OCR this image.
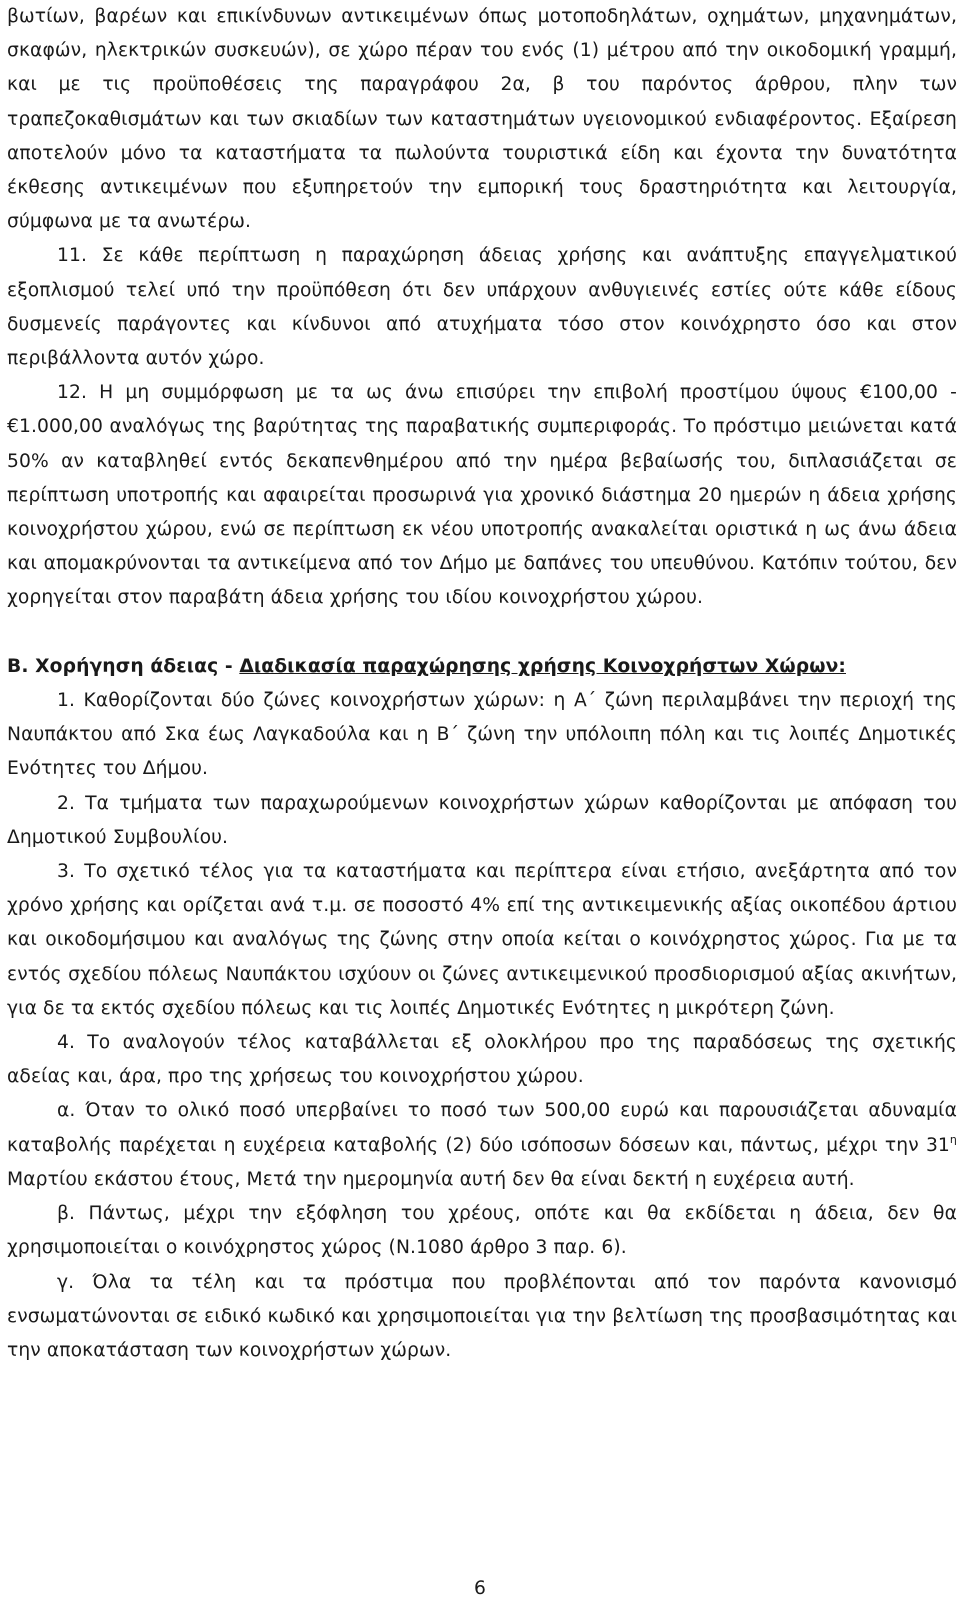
βωτίων, βαρέων και επικίνδυνων αντικειμένων όπως μοτοποδηλάτων, οχημάτων, μηχανημάτων, σκαφών, ηλεκτρικών συσκευών), σε χώρο πέραν του ενός (1) μέτρου από την οικοδομική γραμμή, και με τις προϋποθέσεις της παραγράφου 2α, β του παρόντος άρθρου, πλην των τραπεζοκαθισμάτων και των σκιαδίων των καταστημάτων υγειονομικού ενδιαφέροντος. Εξαίρεση αποτελούν μόνο τα καταστήματα τα πωλούντα τουριστικά είδη και έχοντα την δυνατότητα έκθεσης αντικειμένων που εξυπηρετούν την εμπορική τους δραστηριότητα και λειτουργία, σύμφωνα με τα ανωτέρω.

11. Σε κάθε περίπτωση η παραχώρηση άδειας χρήσης και ανάπτυξης επαγγελματικού εξοπλισμού τελεί υπό την προϋπόθεση ότι δεν υπάρχουν ανθυγιεινές εστίες ούτε κάθε είδους δυσμενείς παράγοντες και κίνδυνοι από ατυχήματα τόσο στον κοινόχρηστο όσο και στον περιβάλλοντα αυτόν χώρο.

12. Η μη συμμόρφωση με τα ως άνω επισύρει την επιβολή προστίμου ύψους €100,00 - €1.000,00 αναλόγως της βαρύτητας της παραβατικής συμπεριφοράς. Το πρόστιμο μειώνεται κατά 50% αν καταβληθεί εντός δεκαπενθημέρου από την ημέρα βεβαίωσής του, διπλασιάζεται σε περίπτωση υποτροπής και αφαιρείται προσωρινά για χρονικό διάστημα 20 ημερών η άδεια χρήσης κοινοχρήστου χώρου, ενώ σε περίπτωση εκ νέου υποτροπής ανακαλείται οριστικά η ως άνω άδεια και απομακρύνονται τα αντικείμενα από τον Δήμο με δαπάνες του υπευθύνου. Κατόπιν τούτου, δεν χορηγείται στον παραβάτη άδεια χρήσης του ιδίου κοινοχρήστου χώρου.

Β. Χορήγηση άδειας - Διαδικασία παραχώρησης χρήσης Κοινοχρήστων Χώρων:

1. Καθορίζονται δύο ζώνες κοινοχρήστων χώρων: η Α΄ ζώνη περιλαμβάνει την περιοχή της Ναυπάκτου από Σκα έως Λαγκαδούλα και η Β΄ ζώνη την υπόλοιπη πόλη και τις λοιπές Δημοτικές Ενότητες του Δήμου.

2. Τα τμήματα των παραχωρούμενων κοινοχρήστων χώρων καθορίζονται με απόφαση του Δημοτικού Συμβουλίου.

3. Το σχετικό τέλος για τα καταστήματα και περίπτερα είναι ετήσιο, ανεξάρτητα από τον χρόνο χρήσης και ορίζεται ανά τ.μ. σε ποσοστό 4% επί της αντικειμενικής αξίας οικοπέδου άρτιου και οικοδομήσιμου και αναλόγως της ζώνης στην οποία κείται ο κοινόχρηστος χώρος. Για με τα εντός σχεδίου πόλεως Ναυπάκτου ισχύουν οι ζώνες αντικειμενικού προσδιορισμού αξίας ακινήτων, για δε τα εκτός σχεδίου πόλεως και τις λοιπές Δημοτικές Ενότητες η μικρότερη ζώνη.

4. Το αναλογούν τέλος καταβάλλεται εξ ολοκλήρου προ της παραδόσεως της σχετικής αδείας και, άρα, προ της χρήσεως του κοινοχρήστου χώρου.

α. Όταν το ολικό ποσό υπερβαίνει το ποσό των 500,00 ευρώ και παρουσιάζεται αδυναμία καταβολής παρέχεται η ευχέρεια καταβολής (2) δύο ισόποσων δόσεων και, πάντως, μέχρι την $31^\eta$ Μαρτίου εκάστου έτους, Μετά την ημερομηνία αυτή δεν θα είναι δεκτή η ευχέρεια αυτή.

β. Πάντως, μέχρι την εξόφληση του χρέους, οπότε και θα εκδίδεται η άδεια, δεν θα χρησιμοποιείται ο κοινόχρηστος χώρος (Ν.1080 άρθρο 3 παρ. 6).

γ. Όλα τα τέλη και τα πρόστιμα που προβλέπονται από τον παρόντα κανονισμό ενσωματώνονται σε ειδικό κωδικό και χρησιμοποιείται για την βελτίωση της προσβασιμότητας και την αποκατάσταση των κοινοχρήστων χώρων.

6
